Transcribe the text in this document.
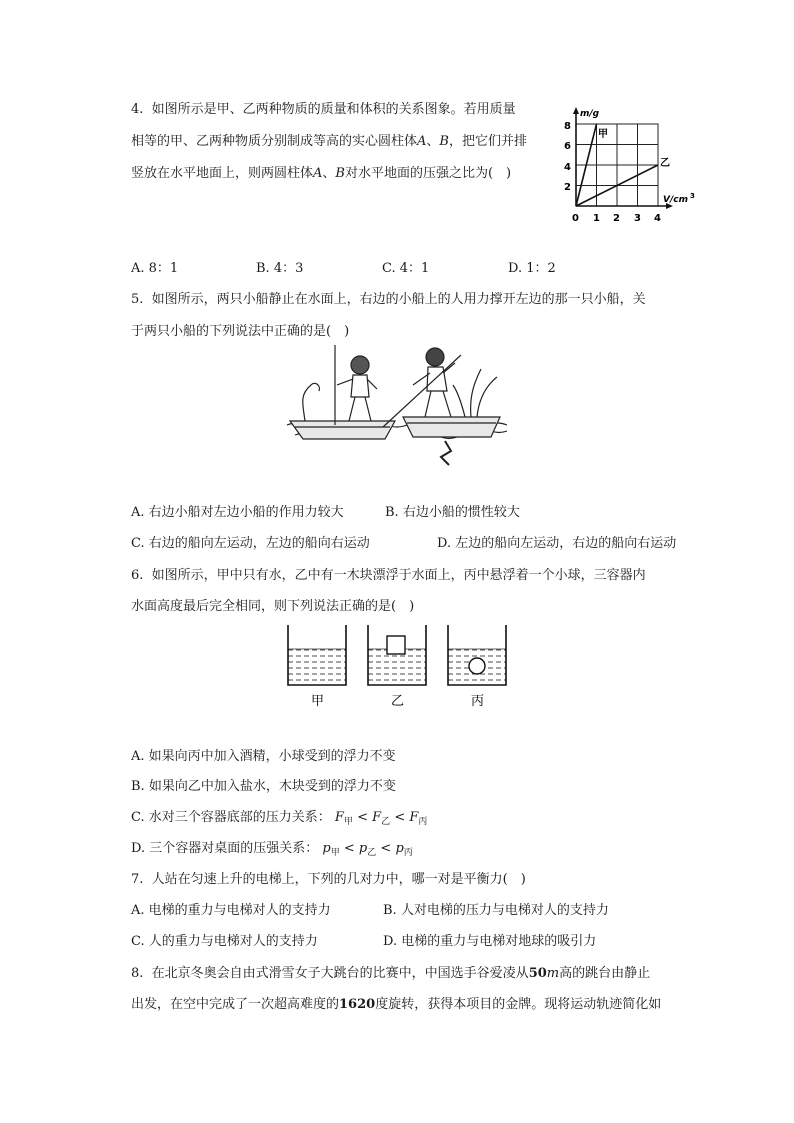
4. 如图所示是甲、乙两种物质的质量和体积的关系图象。若用质量
相等的甲、乙两种物质分别制成等高的实心圆柱体A、B，把它们并排
竖放在水平地面上，则两圆柱体A、B对水平地面的压强之比为(　)
m/g
V/cm 3
8
6
4
2
0 1 2 3 4
甲
乙
A. 8：1	B. 4：3	C. 4：1	D. 1：2
5. 如图所示，两只小船静止在水面上，右边的小船上的人用力撑开左边的那一只小船，关
于两只小船的下列说法中正确的是(　)
A. 右边小船对左边小船的作用力较大	B. 右边小船的惯性较大
C. 右边的船向左运动，左边的船向右运动	D. 左边的船向左运动，右边的船向右运动
6. 如图所示，甲中只有水，乙中有一木块漂浮于水面上，丙中悬浮着一个小球，三容器内
水面高度最后完全相同，则下列说法正确的是(　)
甲	乙	丙
A. 如果向丙中加入酒精，小球受到的浮力不变
B. 如果向乙中加入盐水，木块受到的浮力不变
C. 水对三个容器底部的压力关系： $F_甲 < F_乙 < F_丙$
D. 三个容器对桌面的压强关系： $p_甲 < p_乙 < p_丙$
7. 人站在匀速上升的电梯上，下列的几对力中，哪一对是平衡力(　)
A. 电梯的重力与电梯对人的支持力	B. 人对电梯的压力与电梯对人的支持力
C. 人的重力与电梯对人的支持力	D. 电梯的重力与电梯对地球的吸引力
8. 在北京冬奥会自由式滑雪女子大跳台的比赛中，中国选手谷爱凌从50m高的跳台由静止
出发，在空中完成了一次超高难度的1620度旋转，获得本项目的金牌。现将运动轨迹简化如
